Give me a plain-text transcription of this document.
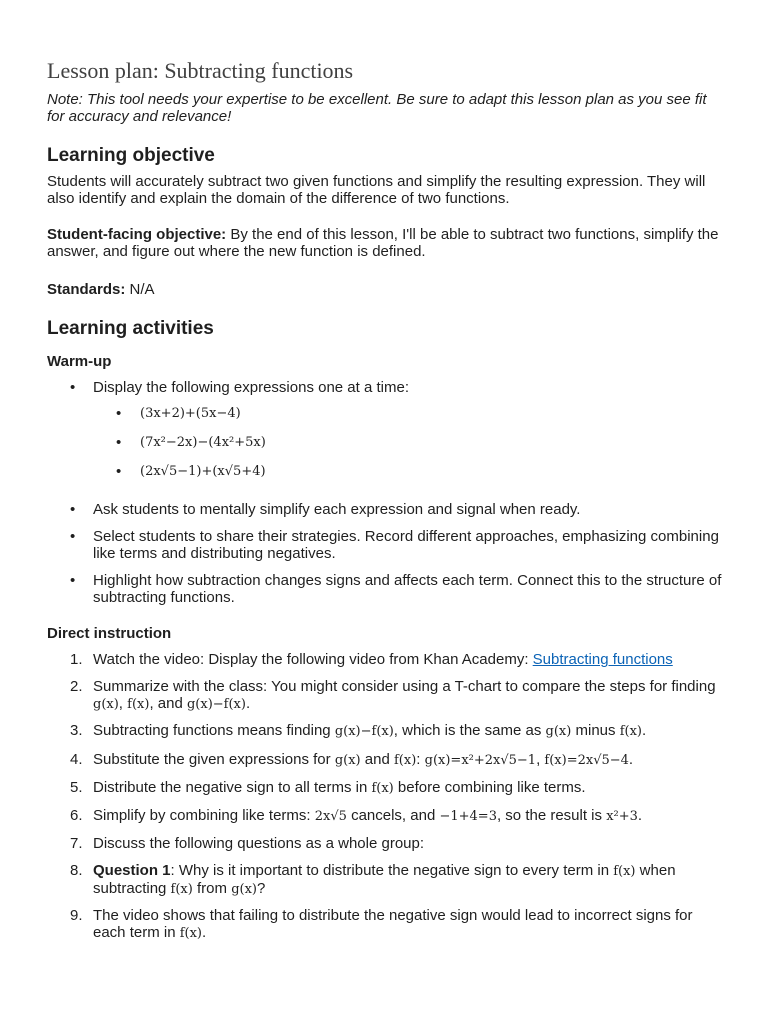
Lesson plan: Subtracting functions

Note: This tool needs your expertise to be excellent. Be sure to adapt this lesson plan as you see fit for accuracy and relevance!

Learning objective

Students will accurately subtract two given functions and simplify the resulting expression. They will also identify and explain the domain of the difference of two functions.

Student-facing objective: By the end of this lesson, I'll be able to subtract two functions, simplify the answer, and figure out where the new function is defined.

Standards: N/A

Learning activities
Warm-up
• Display the following expressions one at a time:
• (3x+2)+(5x−4)
• (7x²−2x)−(4x²+5x)
• (2x√5−1)+(x√5+4)
• Ask students to mentally simplify each expression and signal when ready.
• Select students to share their strategies. Record different approaches, emphasizing combining like terms and distributing negatives.
• Highlight how subtraction changes signs and affects each term. Connect this to the structure of subtracting functions.
Direct instruction
1. Watch the video: Display the following video from Khan Academy: Subtracting functions
2. Summarize with the class: You might consider using a T-chart to compare the steps for finding g(x), f(x), and g(x)−f(x).
3. Subtracting functions means finding g(x)−f(x), which is the same as g(x) minus f(x).
4. Substitute the given expressions for g(x) and f(x): g(x)=x²+2x√5−1, f(x)=2x√5−4.
5. Distribute the negative sign to all terms in f(x) before combining like terms.
6. Simplify by combining like terms: 2x√5 cancels, and −1+4=3, so the result is x²+3.
7. Discuss the following questions as a whole group:
8. Question 1: Why is it important to distribute the negative sign to every term in f(x) when subtracting f(x) from g(x)?
9. The video shows that failing to distribute the negative sign would lead to incorrect signs for each term in f(x).
